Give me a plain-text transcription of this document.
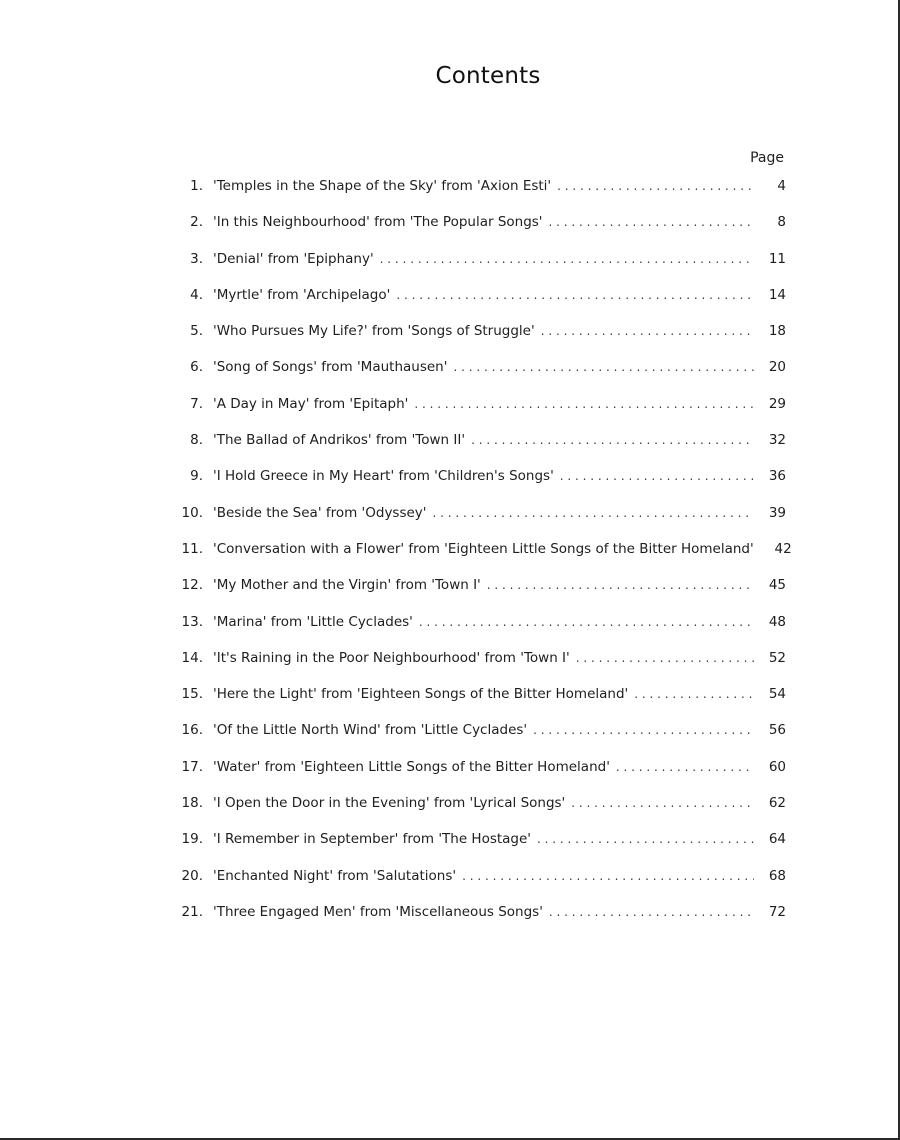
Contents
Page
1. 'Temples in the Shape of the Sky' from 'Axion Esti' . . .	4
2. 'In this Neighbourhood' from 'The Popular Songs' . . .	8
3. 'Denial' from 'Epiphany' . . .	11
4. 'Myrtle' from 'Archipelago' . . .	14
5. 'Who Pursues My Life?' from 'Songs of Struggle' . . .	18
6. 'Song of Songs' from 'Mauthausen' . . .	20
7. 'A Day in May' from 'Epitaph' . . .	29
8. 'The Ballad of Andrikos' from 'Town II' . . .	32
9. 'I Hold Greece in My Heart' from 'Children's Songs' . . .	36
10. 'Beside the Sea' from 'Odyssey' . . .	39
11. 'Conversation with a Flower' from 'Eighteen Little Songs of the Bitter Homeland'	42
12. 'My Mother and the Virgin' from 'Town I' . . .	45
13. 'Marina' from 'Little Cyclades' . . .	48
14. 'It's Raining in the Poor Neighbourhood' from 'Town I' . . .	52
15. 'Here the Light' from 'Eighteen Songs of the Bitter Homeland' . . .	54
16. 'Of the Little North Wind' from 'Little Cyclades' . . .	56
17. 'Water' from 'Eighteen Little Songs of the Bitter Homeland' . . .	60
18. 'I Open the Door in the Evening' from 'Lyrical Songs' . . .	62
19. 'I Remember in September' from 'The Hostage' . . .	64
20. 'Enchanted Night' from 'Salutations' . . .	68
21. 'Three Engaged Men' from 'Miscellaneous Songs' . . .	72
